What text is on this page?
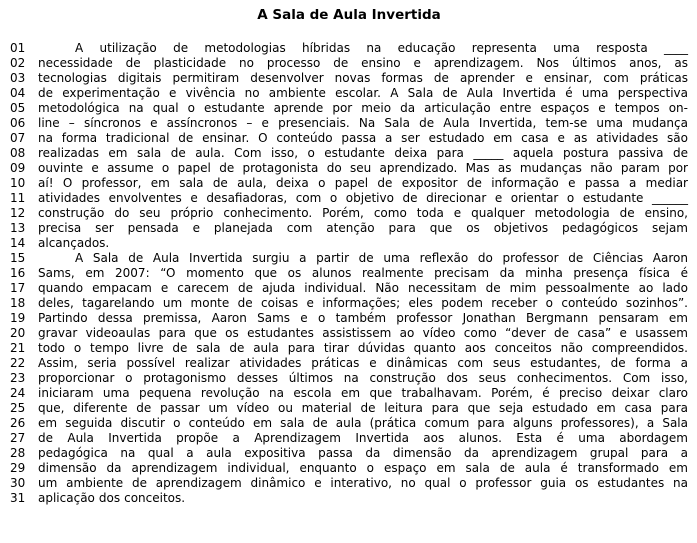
A Sala de Aula Invertida
01	A utilização de metodologias híbridas na educação representa uma resposta ____
02	necessidade de plasticidade no processo de ensino e aprendizagem. Nos últimos anos, as
03	tecnologias digitais permitiram desenvolver novas formas de aprender e ensinar, com práticas
04	de experimentação e vivência no ambiente escolar. A Sala de Aula Invertida é uma perspectiva
05	metodológica na qual o estudante aprende por meio da articulação entre espaços e tempos on-
06	line – síncronos e assíncronos – e presenciais. Na Sala de Aula Invertida, tem-se uma mudança
07	na forma tradicional de ensinar. O conteúdo passa a ser estudado em casa e as atividades são
08	realizadas em sala de aula. Com isso, o estudante deixa para _____ aquela postura passiva de
09	ouvinte e assume o papel de protagonista do seu aprendizado. Mas as mudanças não param por
10	aí! O professor, em sala de aula, deixa o papel de expositor de informação e passa a mediar
11	atividades envolventes e desafiadoras, com o objetivo de direcionar e orientar o estudante ______
12	construção do seu próprio conhecimento. Porém, como toda e qualquer metodologia de ensino,
13	precisa ser pensada e planejada com atenção para que os objetivos pedagógicos sejam
14	alcançados.
15	A Sala de Aula Invertida surgiu a partir de uma reflexão do professor de Ciências Aaron
16	Sams, em 2007: “O momento que os alunos realmente precisam da minha presença física é
17	quando empacam e carecem de ajuda individual. Não necessitam de mim pessoalmente ao lado
18	deles, tagarelando um monte de coisas e informações; eles podem receber o conteúdo sozinhos”.
19	Partindo dessa premissa, Aaron Sams e o também professor Jonathan Bergmann pensaram em
20	gravar videoaulas para que os estudantes assistissem ao vídeo como “dever de casa” e usassem
21	todo o tempo livre de sala de aula para tirar dúvidas quanto aos conceitos não compreendidos.
22	Assim, seria possível realizar atividades práticas e dinâmicas com seus estudantes, de forma a
23	proporcionar o protagonismo desses últimos na construção dos seus conhecimentos. Com isso,
24	iniciaram uma pequena revolução na escola em que trabalhavam. Porém, é preciso deixar claro
25	que, diferente de passar um vídeo ou material de leitura para que seja estudado em casa para
26	em seguida discutir o conteúdo em sala de aula (prática comum para alguns professores), a Sala
27	de Aula Invertida propõe a Aprendizagem Invertida aos alunos. Esta é uma abordagem
28	pedagógica na qual a aula expositiva passa da dimensão da aprendizagem grupal para a
29	dimensão da aprendizagem individual, enquanto o espaço em sala de aula é transformado em
30	um ambiente de aprendizagem dinâmico e interativo, no qual o professor guia os estudantes na
31	aplicação dos conceitos.
